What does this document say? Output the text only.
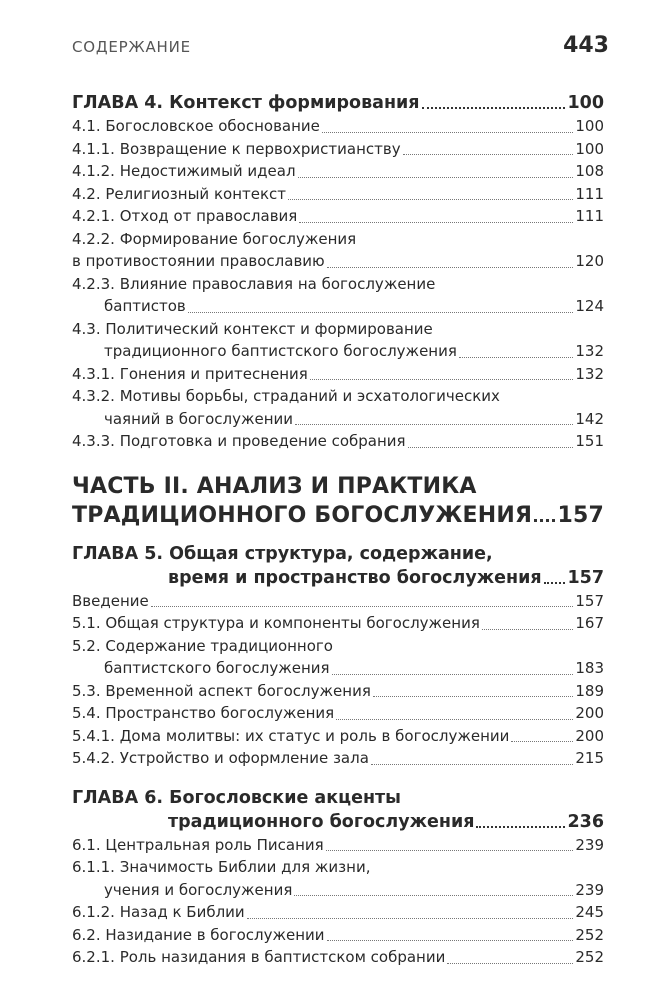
СОДЕРЖАНИЕ	443
ГЛАВА 4. Контекст формирования	100
4.1. Богословское обоснование	100
4.1.1. Возвращение к первохристианству	100
4.1.2. Недостижимый идеал	108
4.2. Религиозный контекст	111
4.2.1. Отход от православия	111
4.2.2. Формирование богослужения
в противостоянии православию	120
4.2.3. Влияние православия на богослужение
баптистов	124
4.3. Политический контекст и формирование
традиционного баптистского богослужения	132
4.3.1. Гонения и притеснения	132
4.3.2. Мотивы борьбы, страданий и эсхатологических
чаяний в богослужении	142
4.3.3. Подготовка и проведение собрания	151
ЧАСТЬ II. АНАЛИЗ И ПРАКТИКА
ТРАДИЦИОННОГО БОГОСЛУЖЕНИЯ 157
ГЛАВА 5. Общая структура, содержание,
время и пространство богослужения 157
Введение	157
5.1. Общая структура и компоненты богослужения	167
5.2. Содержание традиционного
баптистского богослужения	183
5.3. Временной аспект богослужения	189
5.4. Пространство богослужения	200
5.4.1. Дома молитвы: их статус и роль в богослужении	200
5.4.2. Устройство и оформление зала	215
ГЛАВА 6. Богословские акценты
традиционного богослужения	236
6.1. Центральная роль Писания	239
6.1.1. Значимость Библии для жизни,
учения и богослужения	239
6.1.2. Назад к Библии	245
6.2. Назидание в богослужении	252
6.2.1. Роль назидания в баптистском собрании	252
